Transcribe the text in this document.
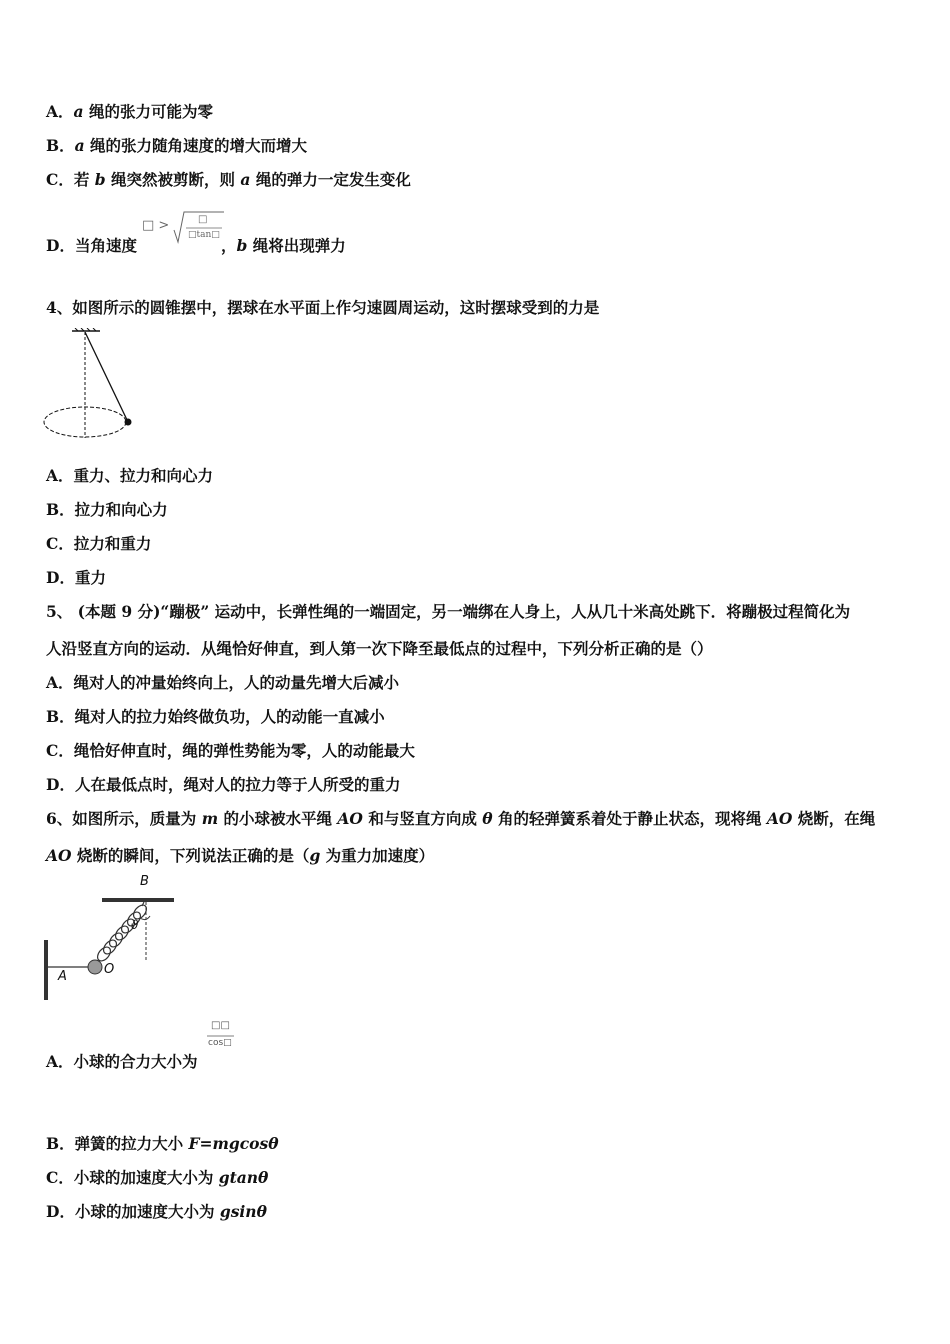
A．a 绳的张力可能为零
B．a 绳的张力随角速度的增大而增大
C．若 b 绳突然被剪断，则 a 绳的弹力一定发生变化
D．当角速度	，b 绳将出现弹力
□ >	□
□tan□
4、如图所示的圆锥摆中，摆球在水平面上作匀速圆周运动，这时摆球受到的力是
A．重力、拉力和向心力
B．拉力和向心力
C．拉力和重力
D．重力
5、 (本题 9 分)“蹦极” 运动中，长弹性绳的一端固定，另一端绑在人身上，人从几十米高处跳下．将蹦极过程简化为
人沿竖直方向的运动．从绳恰好伸直，到人第一次下降至最低点的过程中，下列分析正确的是（）
A．绳对人的冲量始终向上，人的动量先增大后减小
B．绳对人的拉力始终做负功，人的动能一直减小
C．绳恰好伸直时，绳的弹性势能为零，人的动能最大
D．人在最低点时，绳对人的拉力等于人所受的重力
6、如图所示，质量为 m 的小球被水平绳 AO 和与竖直方向成 θ 角的轻弹簧系着处于静止状态，现将绳 AO 烧断，在绳
AO 烧断的瞬间，下列说法正确的是（g 为重力加速度）
B
ϑ
A	O
A．小球的合力大小为
□□
cos□
B．弹簧的拉力大小 F=mgcosθ
C．小球的加速度大小为 gtanθ
D．小球的加速度大小为 gsinθ
